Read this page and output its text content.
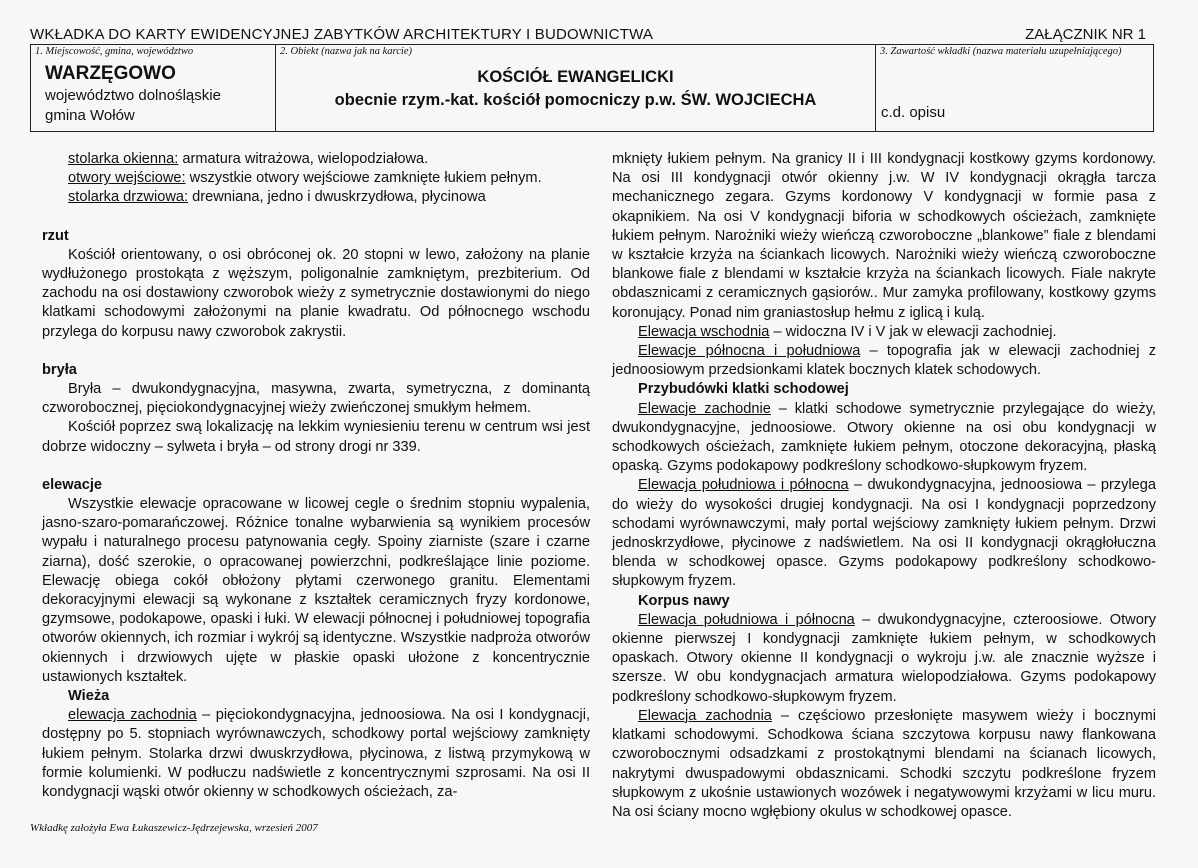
WKŁADKA DO KARTY EWIDENCYJNEJ ZABYTKÓW ARCHITEKTURY I BUDOWNICTWA	ZAŁĄCZNIK NR 1
1. Miejscowość, gmina, województwo
WARZĘGOWO
województwo dolnośląskie
gmina Wołów
2. Obiekt (nazwa jak na karcie)
KOŚCIÓŁ EWANGELICKI
obecnie rzym.-kat. kościół pomocniczy p.w. ŚW. WOJCIECHA
3. Zawartość wkładki (nazwa materiału uzupełniającego)
c.d. opisu

stolarka okienna: armatura witrażowa, wielopodziałowa.

otwory wejściowe: wszystkie otwory wejściowe zamknięte łukiem pełnym.

stolarka drzwiowa: drewniana, jedno i dwuskrzydłowa, płycinowa

rzut

Kościół orientowany, o osi obróconej ok. 20 stopni w lewo, założony na planie wydłużonego prostokąta z węższym, poligonalnie zamkniętym, prezbiterium. Od zachodu na osi dostawiony czworobok wieży z symetrycznie dostawionymi do niego klatkami schodowymi założonymi na planie kwadratu. Od północnego wschodu przylega do korpusu nawy czworobok zakrystii.

bryła

Bryła – dwukondygnacyjna, masywna, zwarta, symetryczna, z dominantą czworobocznej, pięciokondygnacyjnej wieży zwieńczonej smukłym hełmem.

Kościół poprzez swą lokalizację na lekkim wyniesieniu terenu w centrum wsi jest dobrze widoczny – sylweta i bryła – od strony drogi nr 339.

elewacje

Wszystkie elewacje opracowane w licowej cegle o średnim stopniu wypalenia, jasno-szaro-pomarańczowej. Różnice tonalne wybarwienia są wynikiem procesów wypału i naturalnego procesu patynowania cegły. Spoiny ziarniste (szare i czarne ziarna), dość szerokie, o opracowanej powierzchni, podkreślające linie poziome. Elewację obiega cokół obłożony płytami czerwonego granitu. Elementami dekoracyjnymi elewacji są wykonane z kształtek ceramicznych fryzy kordonowe, gzymsowe, podokapowe, opaski i łuki. W elewacji północnej i południowej topografia otworów okiennych, ich rozmiar i wykrój są identyczne. Wszystkie nadproża otworów okiennych i drzwiowych ujęte w płaskie opaski ułożone z koncentrycznie ustawionych kształtek.

Wieża

elewacja zachodnia – pięciokondygnacyjna, jednoosiowa. Na osi I kondygnacji, dostępny po 5. stopniach wyrównawczych, schodkowy portal wejściowy zamknięty łukiem pełnym. Stolarka drzwi dwuskrzydłowa, płycinowa, z listwą przymykową w formie kolumienki. W podłuczu nadświetle z koncentrycznymi szprosami. Na osi II kondygnacji wąski otwór okienny w schodkowych ościeżach, za-

mknięty łukiem pełnym. Na granicy II i III kondygnacji kostkowy gzyms kordonowy. Na osi III kondygnacji otwór okienny j.w. W IV kondygnacji okrągła tarcza mechanicznego zegara. Gzyms kordonowy V kondygnacji w formie pasa z okapnikiem. Na osi V kondygnacji biforia w schodkowych ościeżach, zamknięte łukiem pełnym. Narożniki wieży wieńczą czworoboczne „blankowe” fiale z blendami w kształcie krzyża na ściankach licowych. Narożniki wieży wieńczą czworoboczne blankowe fiale z blendami w kształcie krzyża na ściankach licowych. Fiale nakryte obdasznicami z ceramicznych gąsiorów.. Mur zamyka profilowany, kostkowy gzyms koronujący. Ponad nim graniastosłup hełmu z iglicą i kulą.

Elewacja wschodnia – widoczna IV i V jak w elewacji zachodniej.

Elewacje północna i południowa – topografia jak w elewacji zachodniej z jednoosiowym przedsionkami klatek bocznych klatek schodowych.

Przybudówki klatki schodowej

Elewacje zachodnie – klatki schodowe symetrycznie przylegające do wieży, dwukondygnacyjne, jednoosiowe. Otwory okienne na osi obu kondygnacji w schodkowych ościeżach, zamknięte łukiem pełnym, otoczone dekoracyjną, płaską opaską. Gzyms podokapowy podkreślony schodkowo-słupkowym fryzem.

Elewacja południowa i północna – dwukondygnacyjna, jednoosiowa – przylega do wieży do wysokości drugiej kondygnacji. Na osi I kondygnacji poprzedzony schodami wyrównawczymi, mały portal wejściowy zamknięty łukiem pełnym. Drzwi jednoskrzydłowe, płycinowe z nadświetlem. Na osi II kondygnacji okrągłołuczna blenda w schodkowej opasce. Gzyms podokapowy podkreślony schodkowo-słupkowym fryzem.

Korpus nawy

Elewacja południowa i północna – dwukondygnacyjne, czteroosiowe. Otwory okienne pierwszej I kondygnacji zamknięte łukiem pełnym, w schodkowych opaskach. Otwory okienne II kondygnacji o wykroju j.w. ale znacznie wyższe i szersze. W obu kondygnacjach armatura wielopodziałowa. Gzyms podokapowy podkreślony schodkowo-słupkowym fryzem.

Elewacja zachodnia – częściowo przesłonięte masywem wieży i bocznymi klatkami schodowymi. Schodkowa ściana szczytowa korpusu nawy flankowana czworobocznymi odsadzkami z prostokątnymi blendami na ścianach licowych, nakrytymi dwuspadowymi obdasznicami. Schodki szczytu podkreślone fryzem słupkowym z ukośnie ustawionych wozówek i negatywowymi krzyżami w licu muru. Na osi ściany mocno wgłębiony okulus w schodkowej opasce.

Wkładkę założyła Ewa Łukaszewicz-Jędrzejewska, wrzesień 2007
